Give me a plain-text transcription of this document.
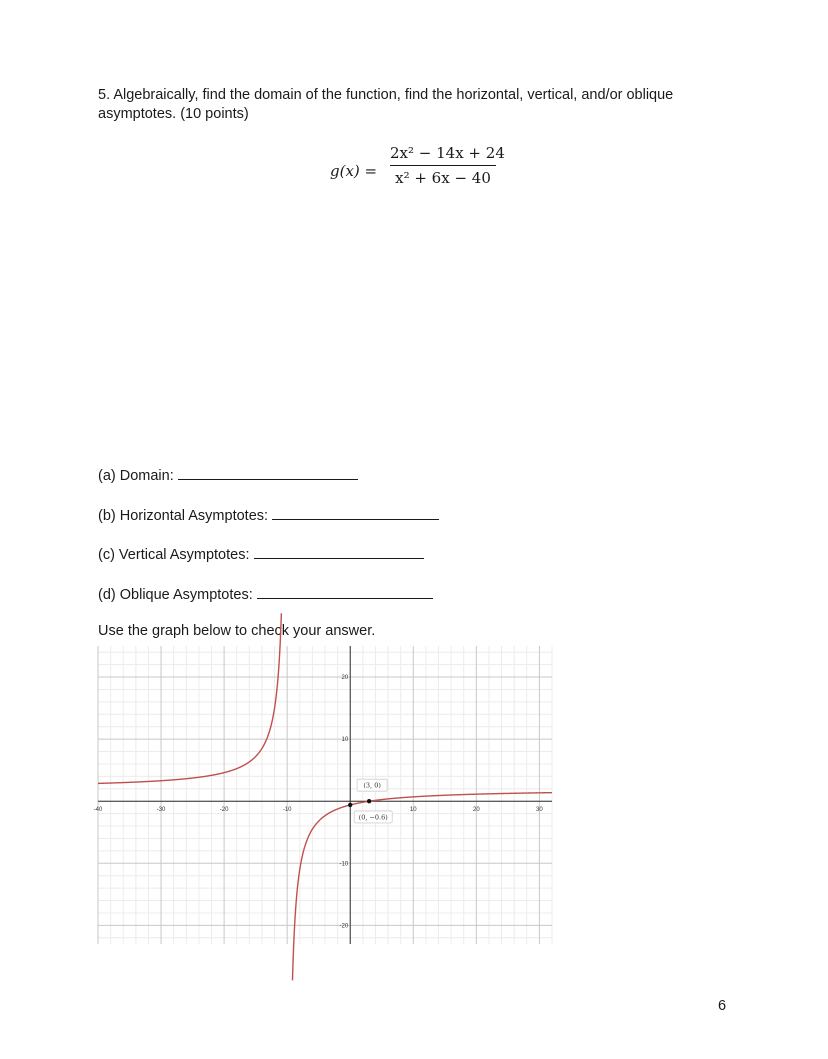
5. Algebraically, find the domain of the function, find the horizontal, vertical, and/or oblique
asymptotes. (10 points)
g(x) =
2x² − 14x + 24
x² + 6x − 40
(a) Domain:
(b) Horizontal Asymptotes:
(c) Vertical Asymptotes:
(d) Oblique Asymptotes:
Use the graph below to check your answer.
-40	-30	-20	-10	10	20	30
20
10
-10
-20
(3, 0)
(0, −0.6)
6
